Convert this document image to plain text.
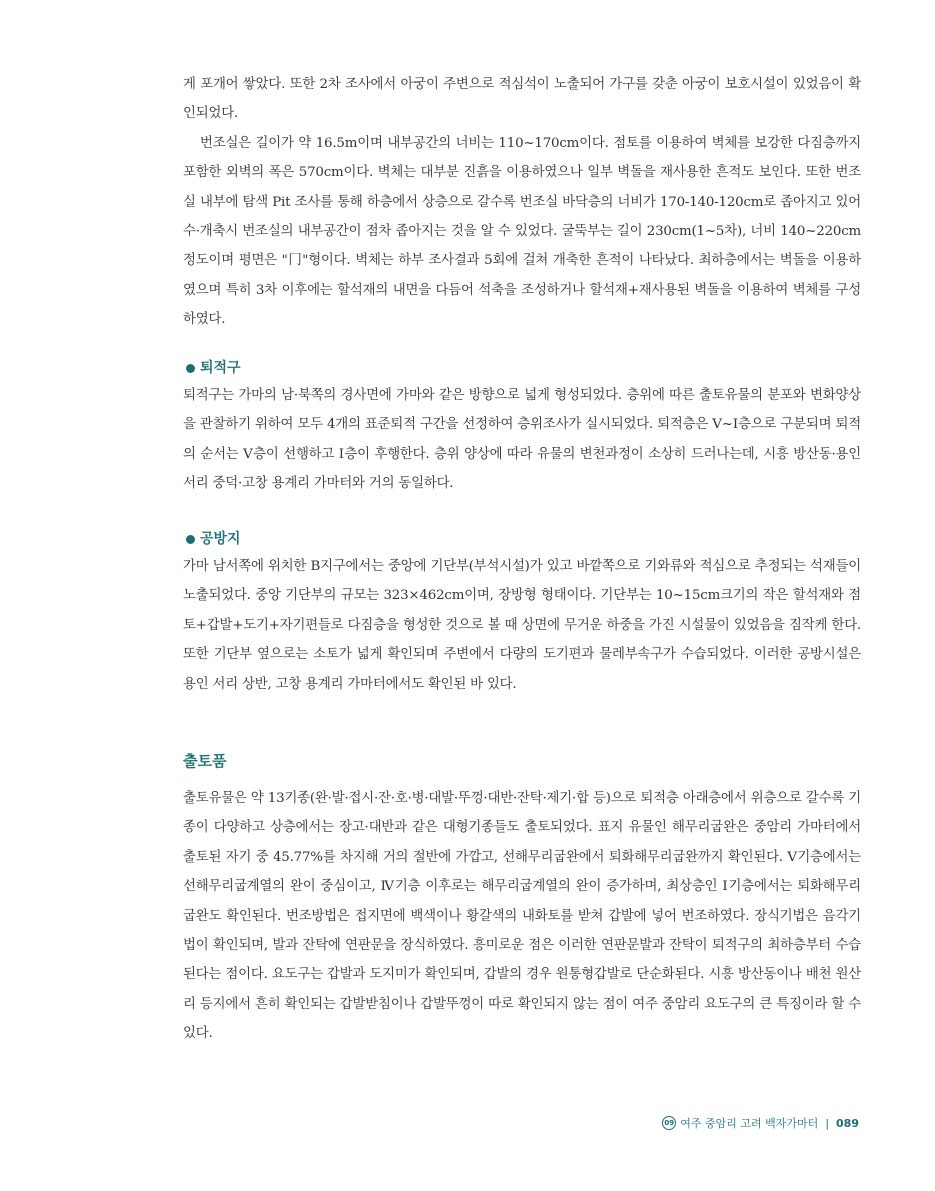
게 포개어 쌓았다. 또한 2차 조사에서 아궁이 주변으로 적심석이 노출되어 가구를 갖춘 아궁이 보호시설이 있었음이 확인되었다.

번조실은 길이가 약 16.5m이며 내부공간의 너비는 110~170cm이다. 점토를 이용하여 벽체를 보강한 다짐층까지 포함한 외벽의 폭은 570cm이다. 벽체는 대부분 진흙을 이용하였으나 일부 벽돌을 재사용한 흔적도 보인다. 또한 번조실 내부에 탐색 Pit 조사를 통해 하층에서 상층으로 갈수록 번조실 바닥층의 너비가 170-140-120cm로 좁아지고 있어 수·개축시 번조실의 내부공간이 점차 좁아지는 것을 알 수 있었다. 굴뚝부는 길이 230cm(1~5차), 너비 140~220cm 정도이며 평면은 "冂"형이다. 벽체는 하부 조사결과 5회에 걸쳐 개축한 흔적이 나타났다. 최하층에서는 벽돌을 이용하였으며 특히 3차 이후에는 할석재의 내면을 다듬어 석축을 조성하거나 할석재+재사용된 벽돌을 이용하여 벽체를 구성하였다.

퇴적구

퇴적구는 가마의 남·북쪽의 경사면에 가마와 같은 방향으로 넓게 형성되었다. 층위에 따른 출토유물의 분포와 변화양상을 관찰하기 위하여 모두 4개의 표준퇴적 구간을 선정하여 층위조사가 실시되었다. 퇴적층은 Ⅴ~Ⅰ층으로 구분되며 퇴적의 순서는 Ⅴ층이 선행하고 Ⅰ층이 후행한다. 층위 양상에 따라 유물의 변천과정이 소상히 드러나는데, 시흥 방산동·용인 서리 중덕·고창 용계리 가마터와 거의 동일하다.

공방지

가마 남서쪽에 위치한 B지구에서는 중앙에 기단부(부석시설)가 있고 바깥쪽으로 기와류와 적심으로 추정되는 석재들이 노출되었다. 중앙 기단부의 규모는 323×462cm이며, 장방형 형태이다. 기단부는 10~15cm크기의 작은 할석재와 점토+갑발+도기+자기편들로 다짐층을 형성한 것으로 볼 때 상면에 무거운 하중을 가진 시설물이 있었음을 짐작케 한다. 또한 기단부 옆으로는 소토가 넓게 확인되며 주변에서 다량의 도기편과 물레부속구가 수습되었다. 이러한 공방시설은 용인 서리 상반, 고창 용계리 가마터에서도 확인된 바 있다.

출토품

출토유물은 약 13기종(완·발·접시·잔·호·병·대발·뚜껑·대반·잔탁·제기·합 등)으로 퇴적층 아래층에서 위층으로 갈수록 기종이 다양하고 상층에서는 장고·대반과 같은 대형기종들도 출토되었다. 표지 유물인 해무리굽완은 중암리 가마터에서 출토된 자기 중 45.77%를 차지해 거의 절반에 가깝고, 선해무리굽완에서 퇴화해무리굽완까지 확인된다. Ⅴ기층에서는 선해무리굽계열의 완이 중심이고, Ⅳ기층 이후로는 해무리굽계열의 완이 증가하며, 최상층인 Ⅰ기층에서는 퇴화해무리굽완도 확인된다. 번조방법은 접지면에 백색이나 황갈색의 내화토를 받쳐 갑발에 넣어 번조하였다. 장식기법은 음각기법이 확인되며, 발과 잔탁에 연판문을 장식하였다. 흥미로운 점은 이러한 연판문발과 잔탁이 퇴적구의 최하층부터 수습된다는 점이다. 요도구는 갑발과 도지미가 확인되며, 갑발의 경우 원통형갑발로 단순화된다. 시흥 방산동이나 배천 원산리 등지에서 흔히 확인되는 갑발받침이나 갑발뚜껑이 따로 확인되지 않는 점이 여주 중암리 요도구의 큰 특징이라 할 수 있다.

09 여주 중암리 고려 백자가마터 | 089
